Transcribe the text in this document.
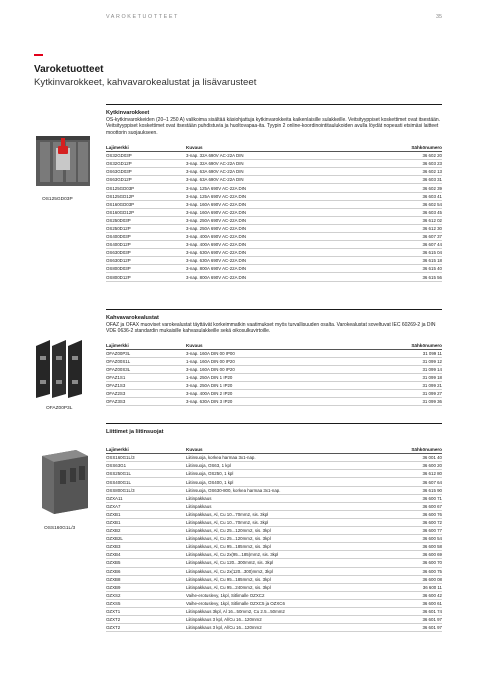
VAROKETUOTTEET	35
Varoketuotteet
Kytkinvarokkeet, kahvavarokealustat ja lisävarusteet
OS125GD03P
Kytkinvarokkeet
OS-kytkinvarokkeiden (20–1 250 A) valikoima sisältää käsiohjattuja kytkinvarokkeita kaikenlaisille sulakkeille. Veitsityyppiset koskettimet ovat itsestään. Veitsityyppiset koskettimet ovat itsestään puhdistuvia ja huoltovapaa-ita. Tyypin 2 online-koordinointitaulukoiden avulla löydät nopeasti etsimäsi laitteet moottorin suojaukseen.
Lajimerkki	Kuvaus	Sähkönumero
OS32GD03P	3-nap. 32A 690V AC-22A DIN	36 602 20
OS32GD12P	3-nap. 32A 690V AC-22A DIN	36 603 23
OS63GD03P	3-nap. 63A 690V AC-22A DIN	36 602 13
OS63GD12P	3-nap. 63A 690V AC-22A DIN	36 603 31
OS125GD03P	3-nap. 125A 690V AC-22A DIN	36 602 39
OS125GD12P	3-nap. 125A 690V AC-22A DIN	36 603 41
OS160GD03P	3-nap. 160A 690V AC-22A DIN	36 602 54
OS160GD12P	3-nap. 160A 690V AC-22A DIN	36 603 45
OS250D03P	3-nap. 250A 690V AC-22A DIN	36 612 02
OS250D12P	3-nap. 250A 690V AC-22A DIN	36 612 30
OS400D03P	3-nap. 400A 690V AC-22A DIN	36 607 37
OS400D12P	3-nap. 400A 690V AC-22A DIN	36 607 44
OS630D03P	3-nap. 630A 690V AC-22A DIN	36 615 04
OS630D12P	3-nap. 630A 690V AC-22A DIN	36 615 18
OS800D03P	3-nap. 800A 690V AC-22A DIN	36 615 40
OS800D12P	3-nap. 800A 690V AC-22A DIN	36 615 56
OFAZ00P3L
Kahvavarokealustat
OFAZ ja OFAX muoviset varokealustat täyttävät korkeimmatkin vaatimukset myös turvallisuuden osalta. Varokealustat soveltuvat IEC 60269-2 ja DIN VDE 0636-2 standardin mukaisille kahvasulakkeille sekä oikosulkuvirtoille.
Lajimerkki	Kuvaus	Sähkönumero
OFAZ00P3L	3-nap. 160A DIN 00 IP00	31 099 11
OFAZ00S1L	1-nap. 160A DIN 00 IP20	31 099 12
OFAZ00S3L	3-nap. 160A DIN 00 IP20	31 099 14
OFAZ1S1	1-nap. 250A DIN 1 IP20	31 099 18
OFAZ1S3	3-nap. 250A DIN 1 IP20	31 099 21
OFAZ2S3	3-nap. 400A DIN 2 IP20	31 099 27
OFAZ3S3	3-nap. 630A DIN 3 IP20	31 099 36
OSS160G1L/3
Liittimet ja liitinsuojat
Lajimerkki	Kuvaus	Sähkönumero
OSS160G1L/3	Liitinsuoja, korkea harmaa 3x1-nap.	36 001 40
OSS63G1	Liitinsuoja, OS63, 1 kpl	36 600 20
OSS250G1L	Liitinsuoja, OS250, 1 kpl	36 612 80
OSS400G1L	Liitinsuoja, OS400, 1 kpl	36 607 64
OSS800G1L/3	Liitinsuoja, OS630-800, korkea harmaa 3x1-nap.	36 615 90
OZXA11	Liitinpakkaus	36 600 71
OZXA7	Liitinpakkaus	36 600 67
OZXB1	Liitinpakkaus, Al, Cu 10...70mm2, sis. 3kpl	36 600 76
OZXB1	Liitinpakkaus, Al, Cu 10...70mm2, sis. 3kpl	36 600 72
OZXB2	Liitinpakkaus, Al, Cu 25...120mm2, sis. 3kpl	36 600 77
OZXB2L	Liitinpakkaus, Al, Cu 25...120mm2, sis. 3kpl	36 600 54
OZXB3	Liitinpakkaus, Al, Cu 95...185mm2, sis. 3kpl	36 600 58
OZXB4	Liitinpakkaus, Al, Cu 2x(95...185)mm2, sis. 3kpl	36 600 69
OZXB5	Liitinpakkaus, Al, Cu 120...300mm2, sis. 3kpl	36 600 70
OZXB6	Liitinpakkaus, Al, Cu 2x(120...300)mm2, 3kpl	36 600 75
OZXB8	Liitinpakkaus, Al, Cu 95...185mm2, sis. 3kpl	36 600 08
OZXB9	Liitinpakkaus, Al, Cu 95...240mm2, sis. 3kpl	36 600 11
OZXS2	Vaihe-erotuslevy, 1kpl, Sitlimalle OZXC2	36 600 42
OZXS5	Vaihe-erotuslevy, 1kpl, Sitlimalle OZXC5 ja OZXC6	36 600 61
OZXT1	Liitinpakkaus 3kpl, Al 16...50mm2, Cu 2.5...50mm2	36 601 74
OZXT2	Liitinpakkaus 3 kpl, Al/Cu 16...120mm2	36 601 97
OZXT2	Liitinpakkaus 3 kpl, Al/Cu 16...120mm2	36 601 97
